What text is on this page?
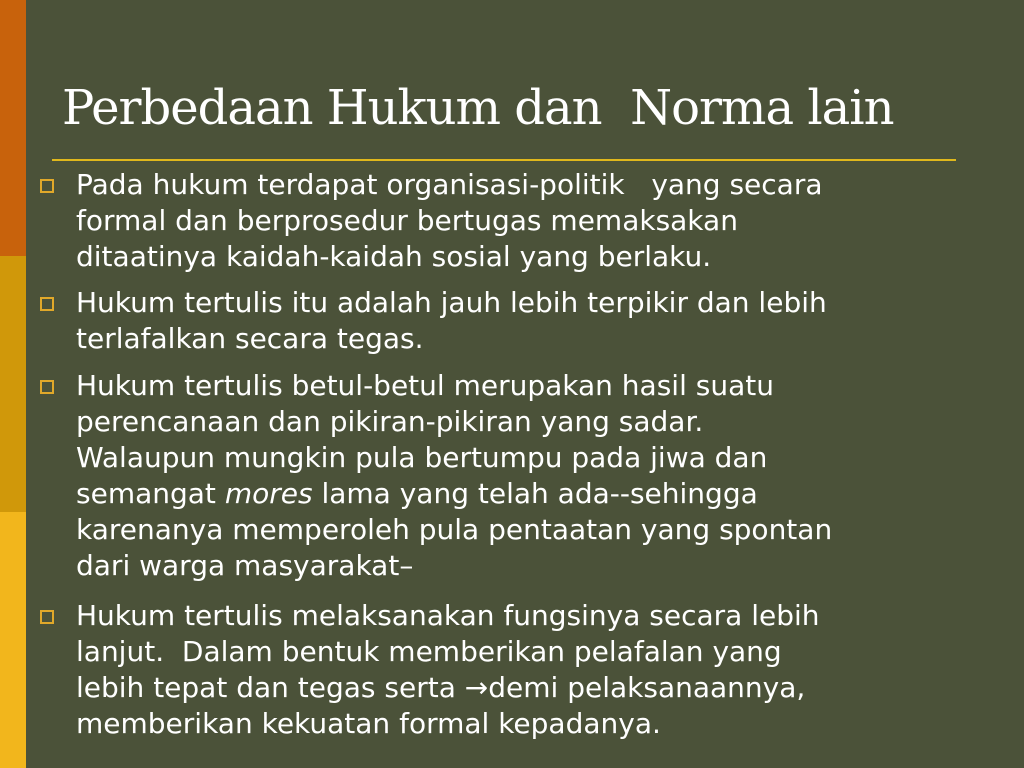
Perbedaan Hukum dan  Norma lain
Pada hukum terdapat organisasi-politik   yang secara
formal dan berprosedur bertugas memaksakan
ditaatinya kaidah-kaidah sosial yang berlaku.
Hukum tertulis itu adalah jauh lebih terpikir dan lebih
terlafalkan secara tegas.
Hukum tertulis betul-betul merupakan hasil suatu
perencanaan dan pikiran-pikiran yang sadar.
Walaupun mungkin pula bertumpu pada jiwa dan
semangat mores lama yang telah ada--sehingga
karenanya memperoleh pula pentaatan yang spontan
dari warga masyarakat–
Hukum tertulis melaksanakan fungsinya secara lebih
lanjut.  Dalam bentuk memberikan pelafalan yang
lebih tepat dan tegas serta →demi pelaksanaannya,
memberikan kekuatan formal kepadanya.
